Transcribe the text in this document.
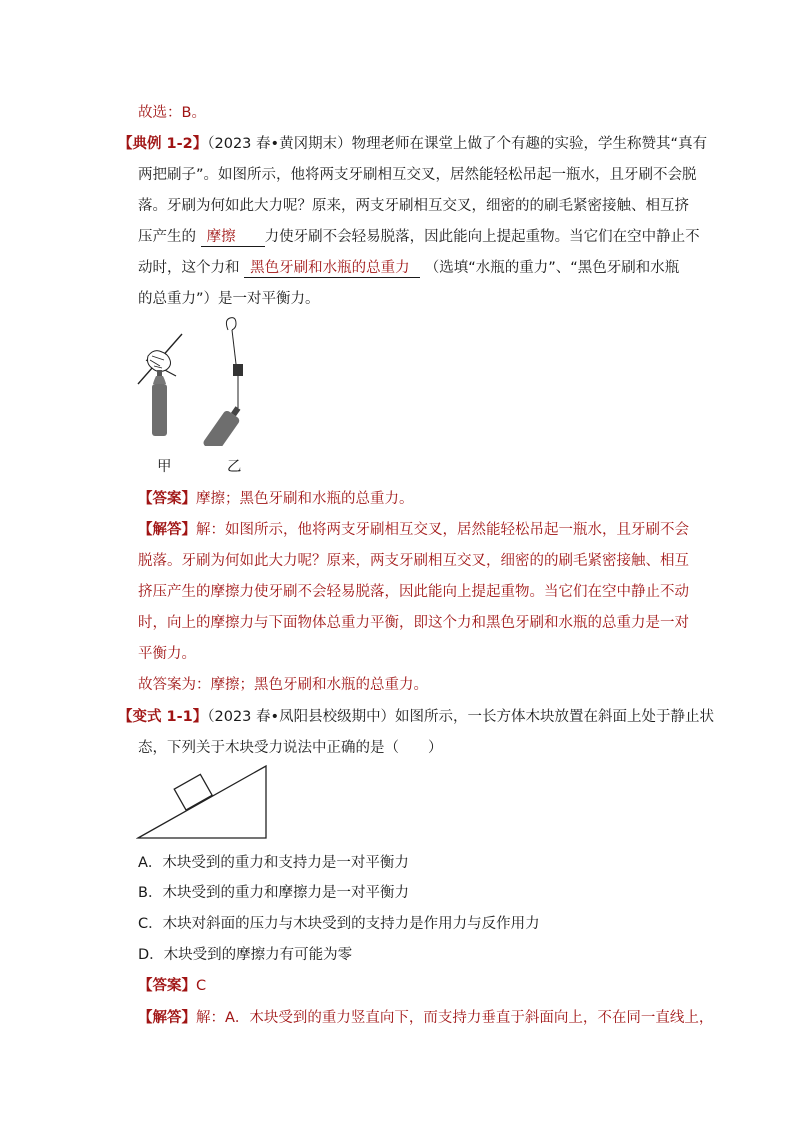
故选：B。
【典例 1-2】（2023 春•黄冈期末）物理老师在课堂上做了个有趣的实验，学生称赞其“真有
两把刷子”。如图所示，他将两支牙刷相互交叉，居然能轻松吊起一瓶水，且牙刷不会脱
落。牙刷为何如此大力呢？原来，两支牙刷相互交叉，细密的的刷毛紧密接触、相互挤
压产生的 摩擦 力使牙刷不会轻易脱落，因此能向上提起重物。当它们在空中静止不
动时，这个力和 黑色牙刷和水瓶的总重力 （选填“水瓶的重力”、“黑色牙刷和水瓶
的总重力”）是一对平衡力。
甲	乙
【答案】摩擦；黑色牙刷和水瓶的总重力。
【解答】解：如图所示，他将两支牙刷相互交叉，居然能轻松吊起一瓶水，且牙刷不会
脱落。牙刷为何如此大力呢？原来，两支牙刷相互交叉，细密的的刷毛紧密接触、相互
挤压产生的摩擦力使牙刷不会轻易脱落，因此能向上提起重物。当它们在空中静止不动
时，向上的摩擦力与下面物体总重力平衡，即这个力和黑色牙刷和水瓶的总重力是一对
平衡力。
故答案为：摩擦；黑色牙刷和水瓶的总重力。
【变式 1-1】（2023 春•凤阳县校级期中）如图所示，一长方体木块放置在斜面上处于静止状
态，下列关于木块受力说法中正确的是（　　）
A．木块受到的重力和支持力是一对平衡力
B．木块受到的重力和摩擦力是一对平衡力
C．木块对斜面的压力与木块受到的支持力是作用力与反作用力
D．木块受到的摩擦力有可能为零
【答案】C
【解答】解：A．木块受到的重力竖直向下，而支持力垂直于斜面向上，不在同一直线上，
